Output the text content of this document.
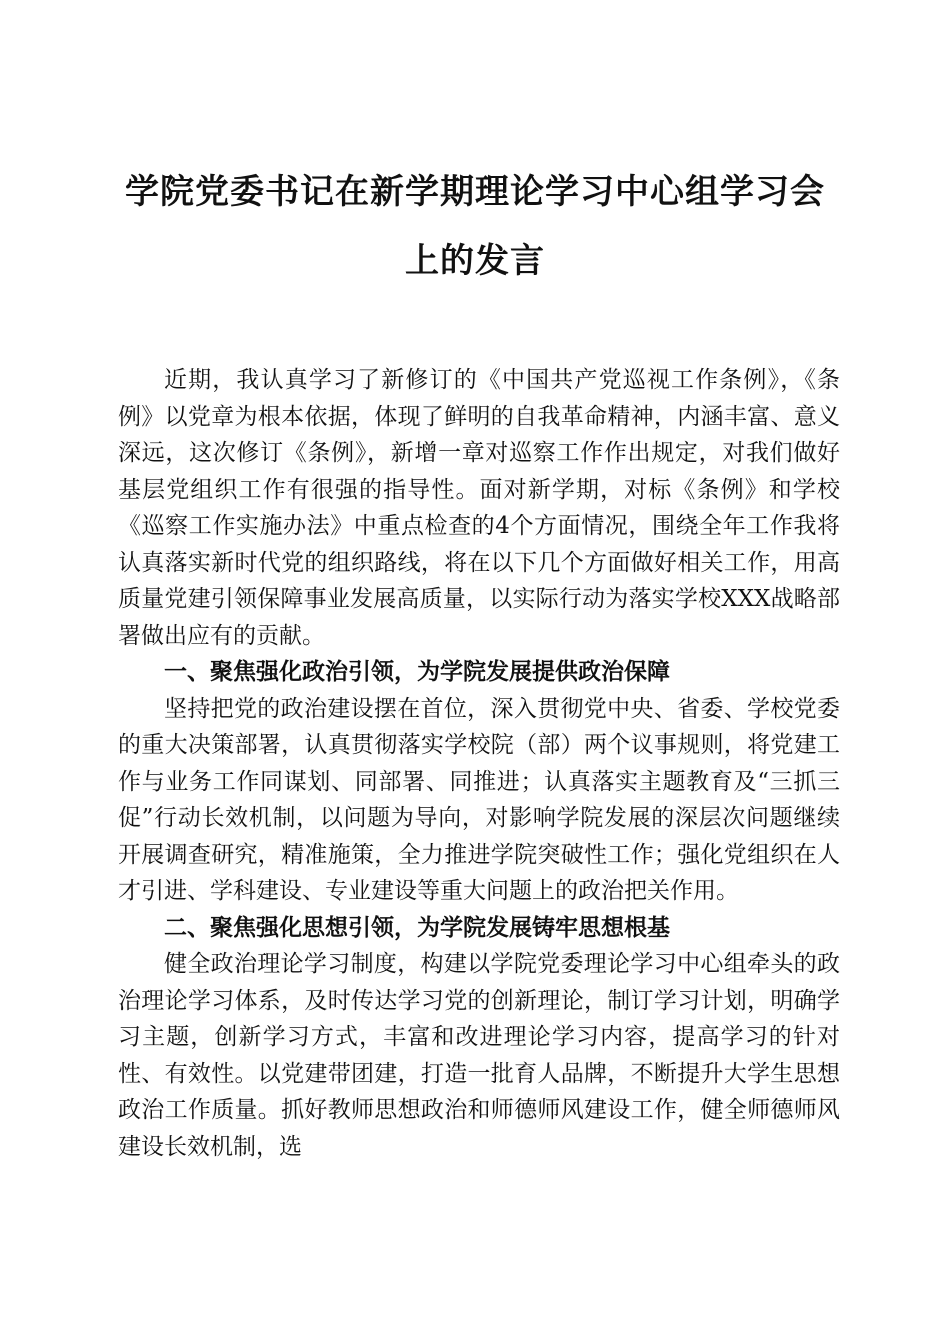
学院党委书记在新学期理论学习中心组学习会
上的发言

近期，我认真学习了新修订的《中国共产党巡视工作条例》，《条例》以党章为根本依据，体现了鲜明的自我革命精神，内涵丰富、意义深远，这次修订《条例》，新增一章对巡察工作作出规定，对我们做好基层党组织工作有很强的指导性。面对新学期，对标《条例》和学校《巡察工作实施办法》中重点检查的4个方面情况，围绕全年工作我将认真落实新时代党的组织路线，将在以下几个方面做好相关工作，用高质量党建引领保障事业发展高质量，以实际行动为落实学校XXX战略部署做出应有的贡献。

一、聚焦强化政治引领，为学院发展提供政治保障

坚持把党的政治建设摆在首位，深入贯彻党中央、省委、学校党委的重大决策部署，认真贯彻落实学校院（部）两个议事规则，将党建工作与业务工作同谋划、同部署、同推进；认真落实主题教育及“三抓三促”行动长效机制，以问题为导向，对影响学院发展的深层次问题继续开展调查研究，精准施策，全力推进学院突破性工作；强化党组织在人才引进、学科建设、专业建设等重大问题上的政治把关作用。

二、聚焦强化思想引领，为学院发展铸牢思想根基

健全政治理论学习制度，构建以学院党委理论学习中心组牵头的政治理论学习体系，及时传达学习党的创新理论，制订学习计划，明确学习主题，创新学习方式，丰富和改进理论学习内容，提高学习的针对性、有效性。以党建带团建，打造一批育人品牌，不断提升大学生思想政治工作质量。抓好教师思想政治和师德师风建设工作，健全师德师风建设长效机制，选
